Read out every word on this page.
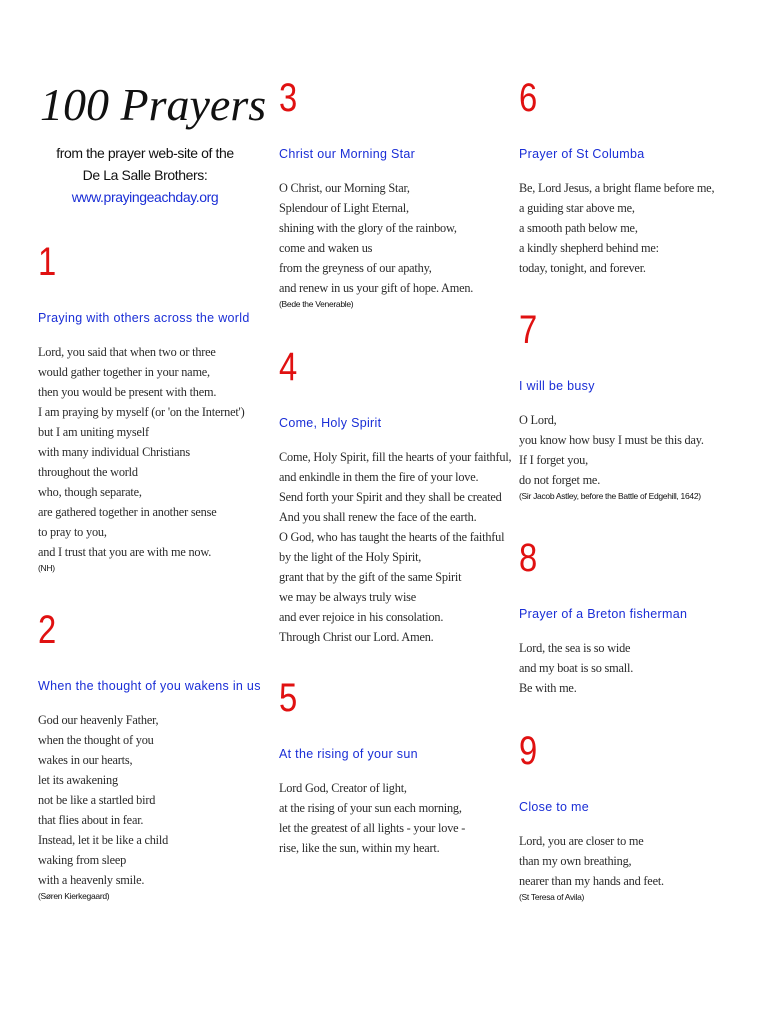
100 Prayers
from the prayer web-site of the
De La Salle Brothers:
www.prayingeachday.org
1
Praying with others across the world
Lord, you said that when two or three
would gather together in your name,
then you would be present with them.
I am praying by myself (or 'on the Internet')
but I am uniting myself
with many individual Christians
throughout the world
who, though separate,
are gathered together in another sense
to pray to you,
and I trust that you are with me now.
(NH)
2
When the thought of you wakens in us
God our heavenly Father,
when the thought of you
wakes in our hearts,
let its awakening
not be like a startled bird
that flies about in fear.
Instead, let it be like a child
waking from sleep
with a heavenly smile.
(Søren Kierkegaard)
3
Christ our Morning Star
O Christ, our Morning Star,
Splendour of Light Eternal,
shining with the glory of the rainbow,
come and waken us
from the greyness of our apathy,
and renew in us your gift of hope. Amen.
(Bede the Venerable)
4
Come, Holy Spirit
Come, Holy Spirit, fill the hearts of your faithful,
and enkindle in them the fire of your love.
Send forth your Spirit and they shall be created
And you shall renew the face of the earth.
O God, who has taught the hearts of the faithful
by the light of the Holy Spirit,
grant that by the gift of the same Spirit
we may be always truly wise
and ever rejoice in his consolation.
Through Christ our Lord. Amen.
5
At the rising of your sun
Lord God, Creator of light,
at the rising of your sun each morning,
let the greatest of all lights - your love -
rise, like the sun, within my heart.
6
Prayer of St Columba
Be, Lord Jesus, a bright flame before me,
a guiding star above me,
a smooth path below me,
a kindly shepherd behind me:
today, tonight, and forever.
7
I will be busy
O Lord,
you know how busy I must be this day.
If I forget you,
do not forget me.
(Sir Jacob Astley, before the Battle of Edgehill, 1642)
8
Prayer of a Breton fisherman
Lord, the sea is so wide
and my boat is so small.
Be with me.
9
Close to me
Lord, you are closer to me
than my own breathing,
nearer than my hands and feet.
(St Teresa of Avila)
